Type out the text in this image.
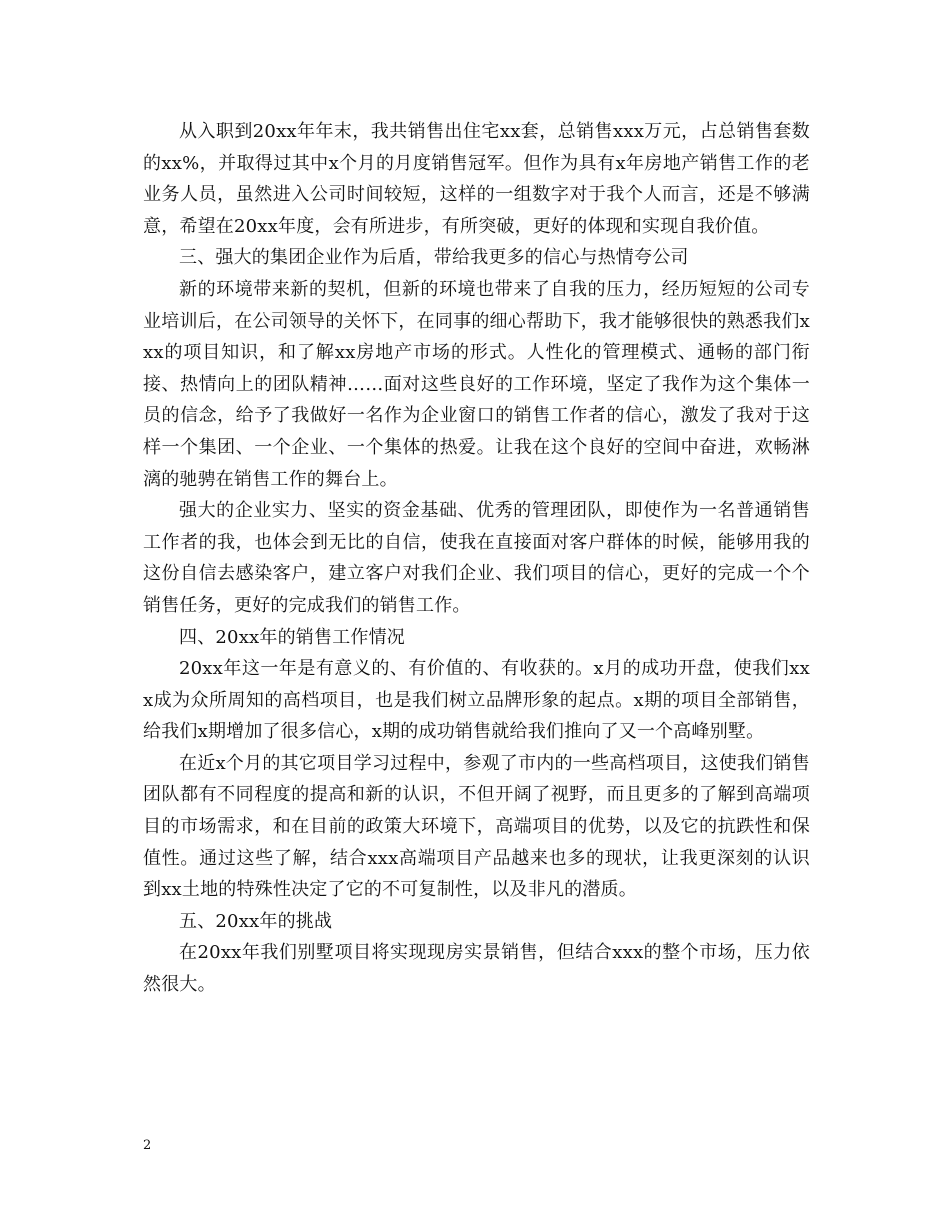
从入职到20xx年年末，我共销售出住宅xx套，总销售xxx万元，占总销售套数的xx%，并取得过其中x个月的月度销售冠军。但作为具有x年房地产销售工作的老业务人员，虽然进入公司时间较短，这样的一组数字对于我个人而言，还是不够满意，希望在20xx年度，会有所进步，有所突破，更好的体现和实现自我价值。

三、强大的集团企业作为后盾，带给我更多的信心与热情夸公司

新的环境带来新的契机，但新的环境也带来了自我的压力，经历短短的公司专业培训后，在公司领导的关怀下，在同事的细心帮助下，我才能够很快的熟悉我们xxx的项目知识，和了解xx房地产市场的形式。人性化的管理模式、通畅的部门衔接、热情向上的团队精神……面对这些良好的工作环境，坚定了我作为这个集体一员的信念，给予了我做好一名作为企业窗口的销售工作者的信心，激发了我对于这样一个集团、一个企业、一个集体的热爱。让我在这个良好的空间中奋进，欢畅淋漓的驰骋在销售工作的舞台上。

强大的企业实力、坚实的资金基础、优秀的管理团队，即使作为一名普通销售工作者的我，也体会到无比的自信，使我在直接面对客户群体的时候，能够用我的这份自信去感染客户，建立客户对我们企业、我们项目的信心，更好的完成一个个销售任务，更好的完成我们的销售工作。

四、20xx年的销售工作情况

20xx年这一年是有意义的、有价值的、有收获的。x月的成功开盘，使我们xxx成为众所周知的高档项目，也是我们树立品牌形象的起点。x期的项目全部销售，给我们x期增加了很多信心，x期的成功销售就给我们推向了又一个高峰别墅。

在近x个月的其它项目学习过程中，参观了市内的一些高档项目，这使我们销售团队都有不同程度的提高和新的认识，不但开阔了视野，而且更多的了解到高端项目的市场需求，和在目前的政策大环境下，高端项目的优势，以及它的抗跌性和保值性。通过这些了解，结合xxx高端项目产品越来也多的现状，让我更深刻的认识到xx土地的特殊性决定了它的不可复制性，以及非凡的潜质。

五、20xx年的挑战

在20xx年我们别墅项目将实现现房实景销售，但结合xxx的整个市场，压力依然很大。

2
